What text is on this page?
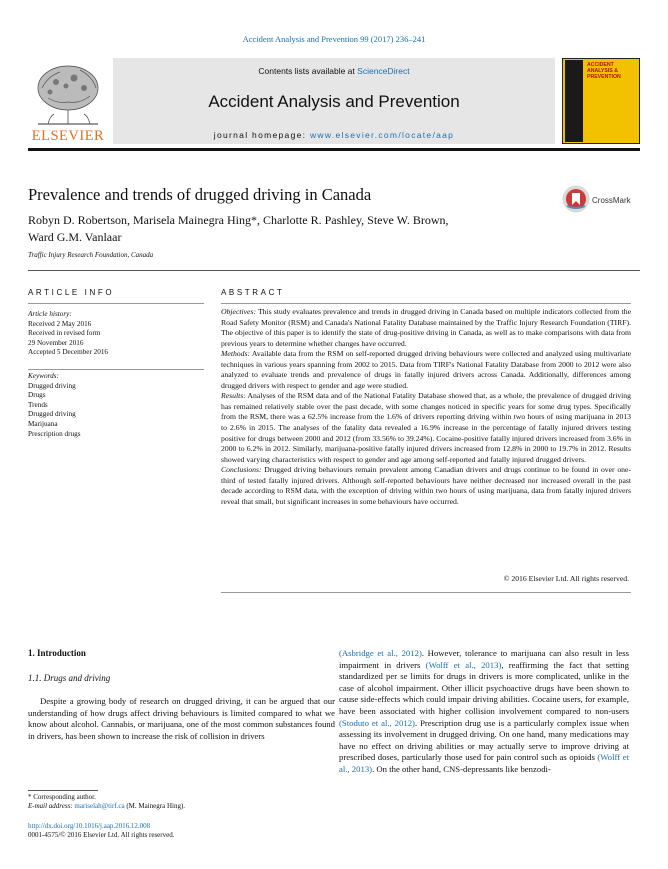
Accident Analysis and Prevention 99 (2017) 236–241
ELSEVIER
Contents lists available at ScienceDirect
Accident Analysis and Prevention
journal homepage: www.elsevier.com/locate/aap
ACCIDENT ANALYSIS & PREVENTION
Prevalence and trends of drugged driving in Canada
Robyn D. Robertson, Marisela Mainegra Hing*, Charlotte R. Pashley, Steve W. Brown,
Ward G.M. Vanlaar
Traffic Injury Research Foundation, Canada
CrossMark
ARTICLE INFO
Article history:
Received 2 May 2016
Received in revised form
29 November 2016
Accepted 5 December 2016
Keywords:
Drugged driving
Drugs
Trends
Drugged driving
Marijuana
Prescription drugs
ABSTRACT

Objectives: This study evaluates prevalence and trends in drugged driving in Canada based on multiple indicators collected from the Road Safety Monitor (RSM) and Canada's National Fatality Database maintained by the Traffic Injury Research Foundation (TIRF). The objective of this paper is to identify the state of drug-positive driving in Canada, as well as to make comparisons with data from previous years to determine whether changes have occurred.

Methods: Available data from the RSM on self-reported drugged driving behaviours were collected and analyzed using multivariate techniques in various years spanning from 2002 to 2015. Data from TIRF's National Fatality Database from 2000 to 2012 were also analyzed to evaluate trends and prevalence of drugs in fatally injured drivers across Canada. Additionally, differences among drugged drivers with respect to gender and age were studied.

Results: Analyses of the RSM data and of the National Fatality Database showed that, as a whole, the prevalence of drugged driving has remained relatively stable over the past decade, with some changes noticed in specific years for some drug types. Specifically from the RSM, there was a 62.5% increase from the 1.6% of drivers reporting driving within two hours of using marijuana in 2013 to 2.6% in 2015. The analyses of the fatality data revealed a 16.9% increase in the percentage of fatally injured drivers testing positive for drugs between 2000 and 2012 (from 33.56% to 39.24%). Cocaine-positive fatally injured drivers increased from 3.6% in 2000 to 6.2% in 2012. Similarly, marijuana-positive fatally injured drivers increased from 12.8% in 2000 to 19.7% in 2012. Results showed varying characteristics with respect to gender and age among self-reported and fatally injured drugged drivers.

Conclusions: Drugged driving behaviours remain prevalent among Canadian drivers and drugs continue to be found in over one-third of tested fatally injured drivers. Although self-reported behaviours have neither decreased nor increased overall in the past decade according to RSM data, with the exception of driving within two hours of using marijuana, data from fatally injured drivers reveal that small, but significant increases in some behaviours have occurred.

© 2016 Elsevier Ltd. All rights reserved.
1. Introduction
1.1. Drugs and driving
Despite a growing body of research on drugged driving, it can be argued that our understanding of how drugs affect driving behaviours is limited compared to what we know about alcohol. Cannabis, or marijuana, one of the most common substances found in drivers, has been shown to increase the risk of collision in drivers
* Corresponding author.
E-mail address: mariselah@tirf.ca (M. Mainegra Hing).
http://dx.doi.org/10.1016/j.aap.2016.12.008
0001-4575/© 2016 Elsevier Ltd. All rights reserved.
(Asbridge et al., 2012). However, tolerance to marijuana can also result in less impairment in drivers (Wolff et al., 2013), reaffirming the fact that setting standardized per se limits for drugs in drivers is more complicated, unlike in the case of alcohol impairment. Other illicit psychoactive drugs have been shown to cause side-effects which could impair driving abilities. Cocaine users, for example, have been associated with higher collision involvement compared to non-users (Stoduto et al., 2012). Prescription drug use is a particularly complex issue when assessing its involvement in drugged driving. On one hand, many medications may have no effect on driving abilities or may actually serve to improve driving at prescribed doses, particularly those used for pain control such as opioids (Wolff et al., 2013). On the other hand, CNS-depressants like benzodi-
